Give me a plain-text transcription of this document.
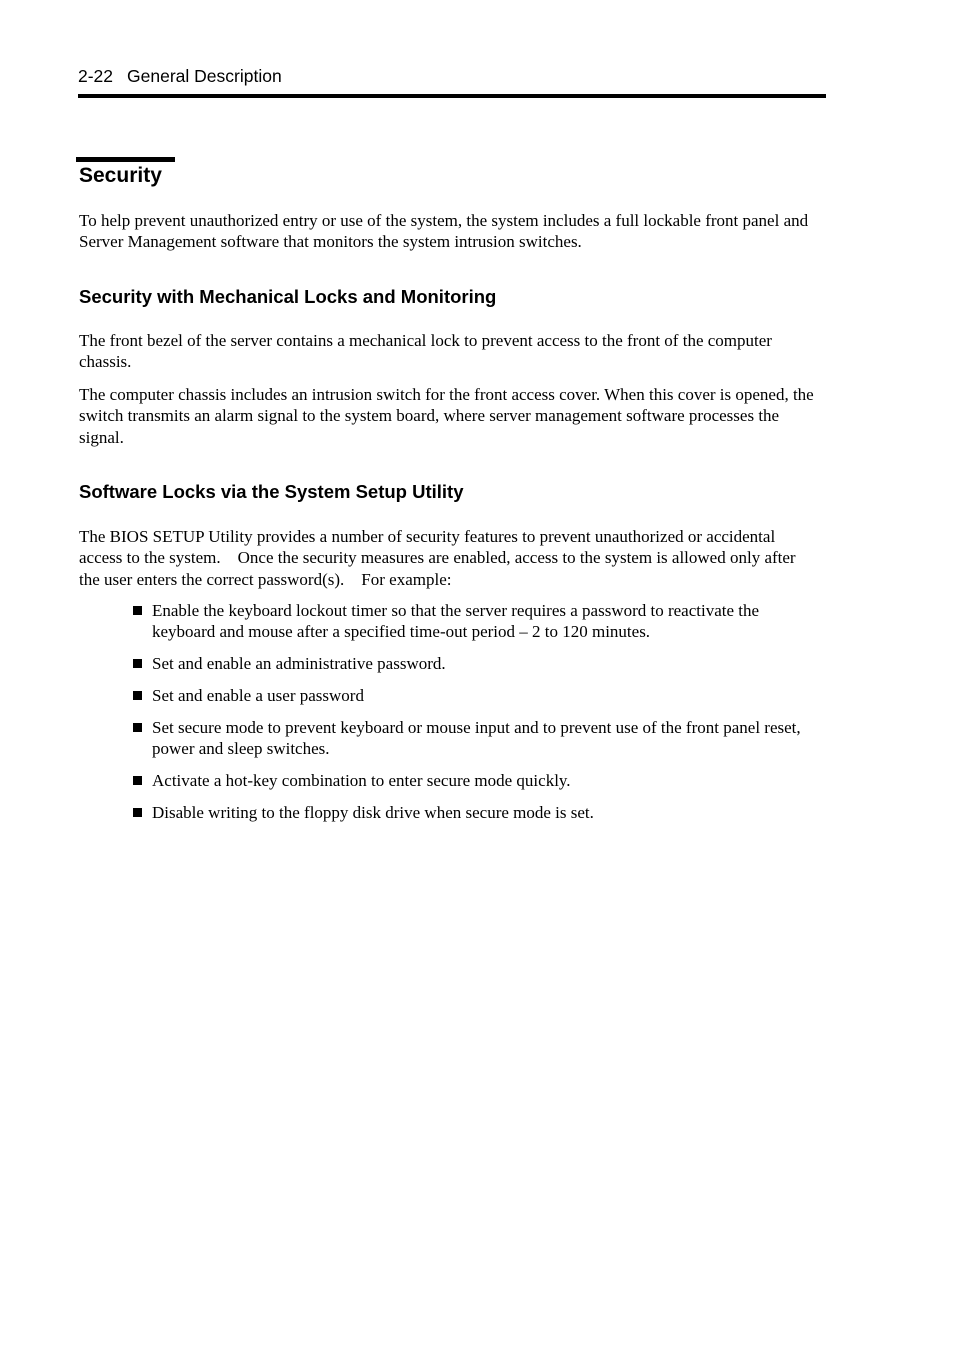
2-22 General Description
Security

To help prevent unauthorized entry or use of the system, the system includes a full lockable front panel and Server Management software that monitors the system intrusion switches.

Security with Mechanical Locks and Monitoring

The front bezel of the server contains a mechanical lock to prevent access to the front of the computer chassis.

The computer chassis includes an intrusion switch for the front access cover. When this cover is opened, the switch transmits an alarm signal to the system board, where server management software processes the signal.

Software Locks via the System Setup Utility

The BIOS SETUP Utility provides a number of security features to prevent unauthorized or accidental access to the system. Once the security measures are enabled, access to the system is allowed only after the user enters the correct password(s). For example:

Enable the keyboard lockout timer so that the server requires a password to reactivate the keyboard and mouse after a specified time-out period – 2 to 120 minutes.
Set and enable an administrative password.
Set and enable a user password
Set secure mode to prevent keyboard or mouse input and to prevent use of the front panel reset, power and sleep switches.
Activate a hot-key combination to enter secure mode quickly.
Disable writing to the floppy disk drive when secure mode is set.
